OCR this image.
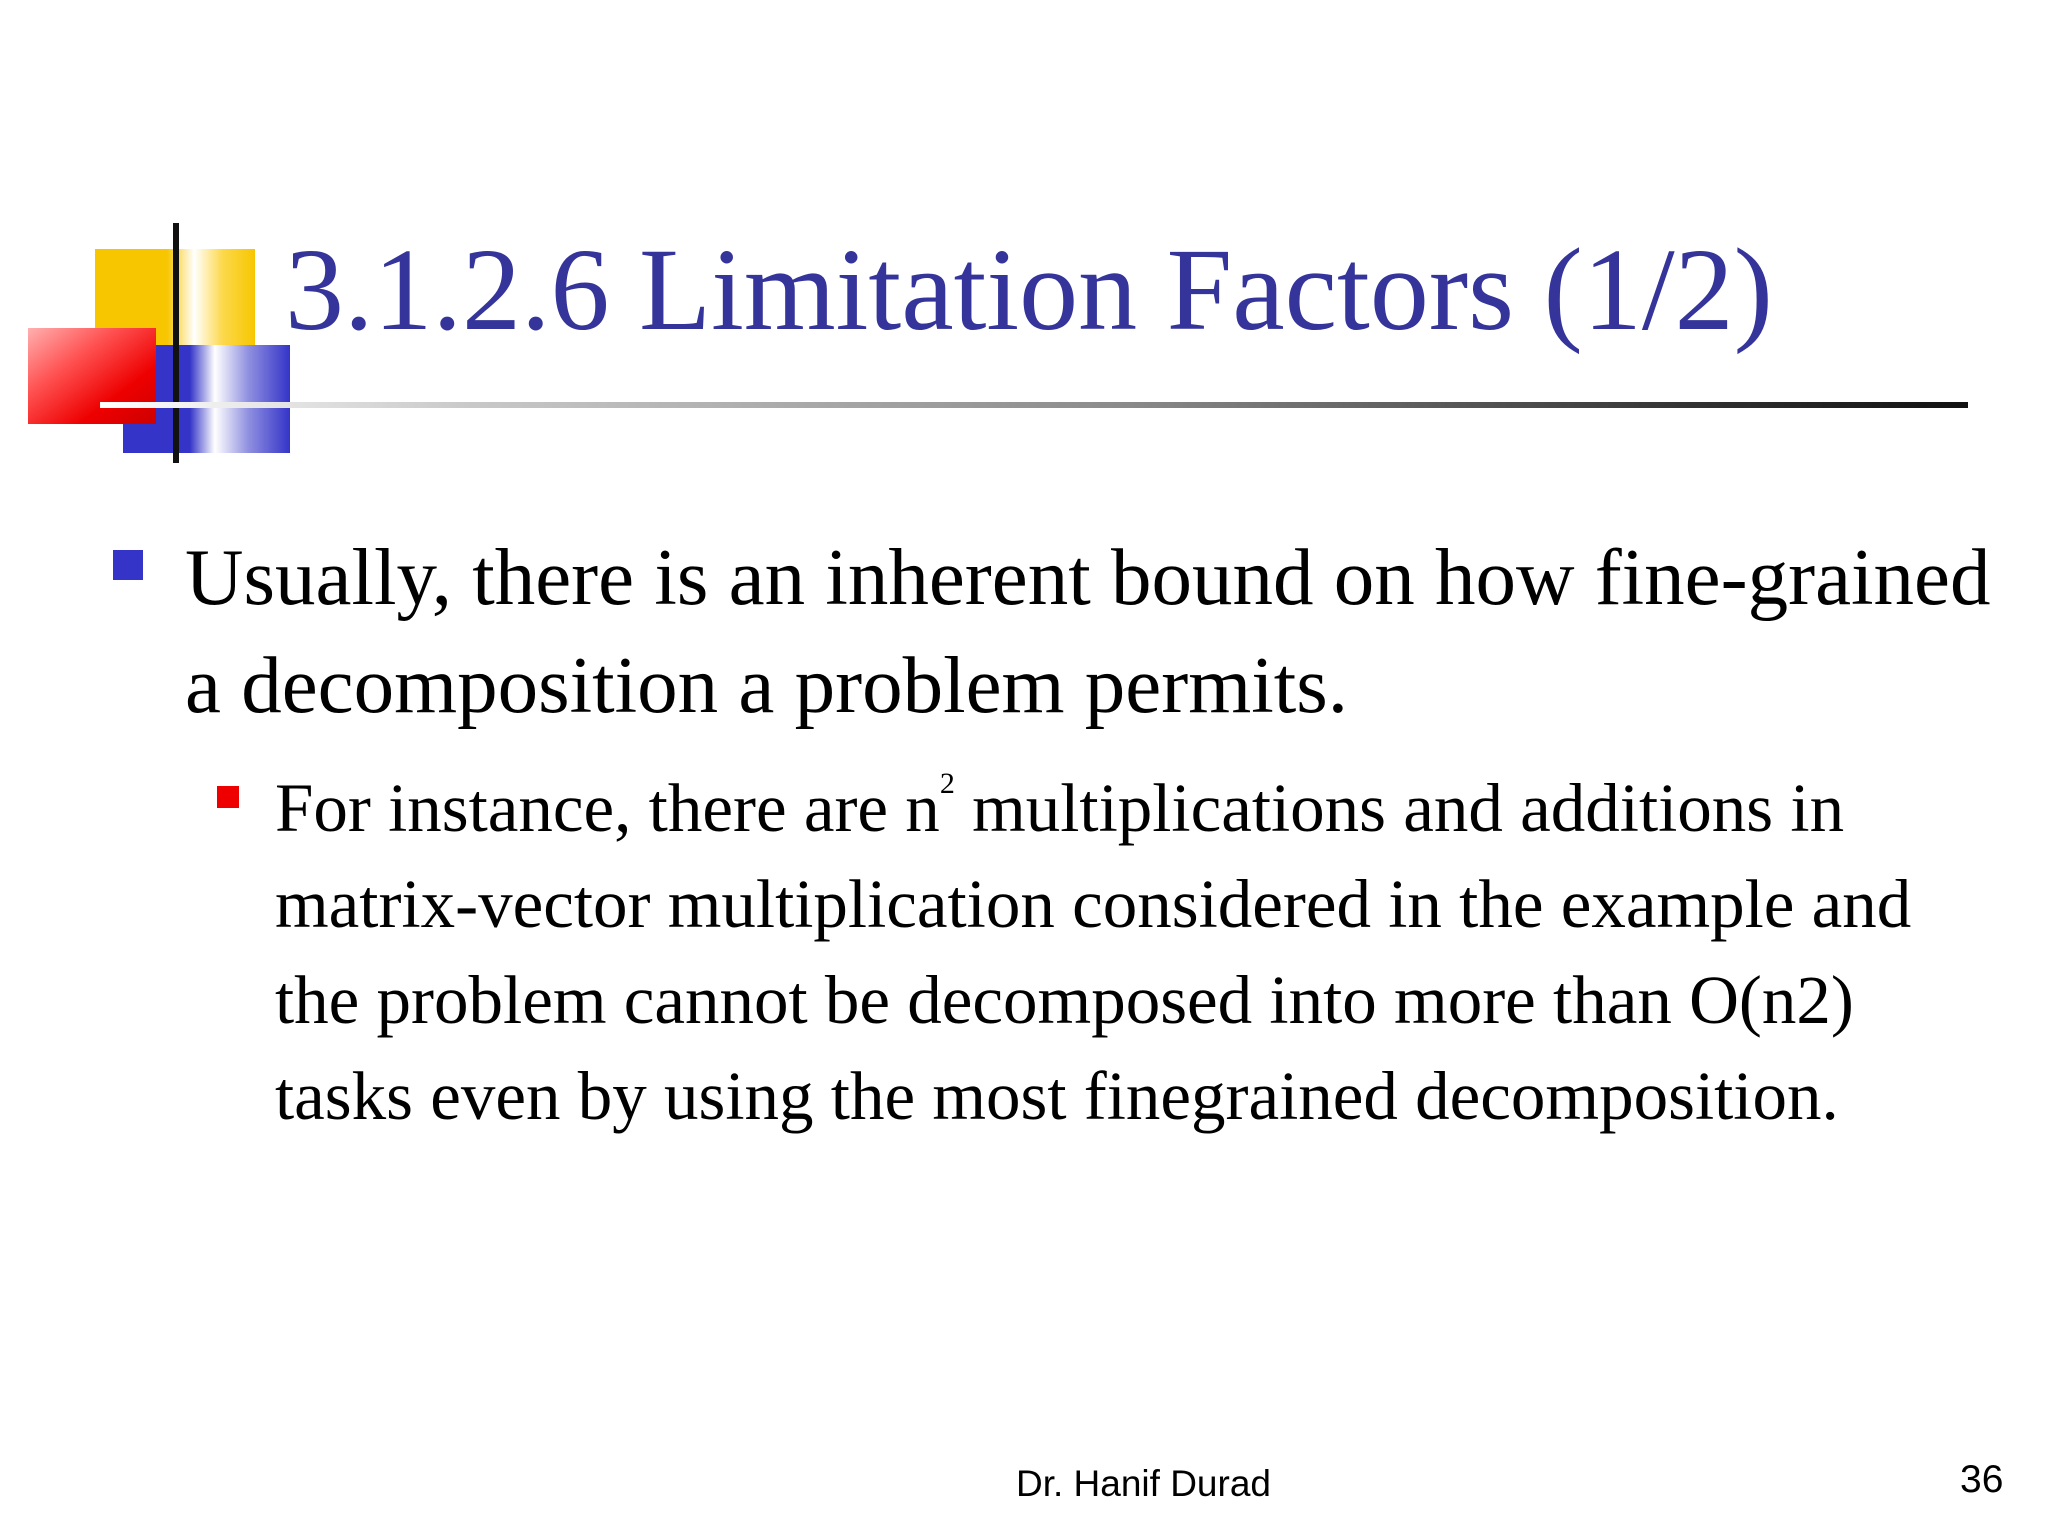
3.1.2.6 Limitation Factors (1/2)

Usually, there is an inherent bound on how fine-grained a decomposition a problem permits.

For instance, there are $n^2$ multiplications and additions in matrix-vector multiplication considered in the example and the problem cannot be decomposed into more than O(n2) tasks even by using the most finegrained decomposition.

Dr. Hanif Durad	36
